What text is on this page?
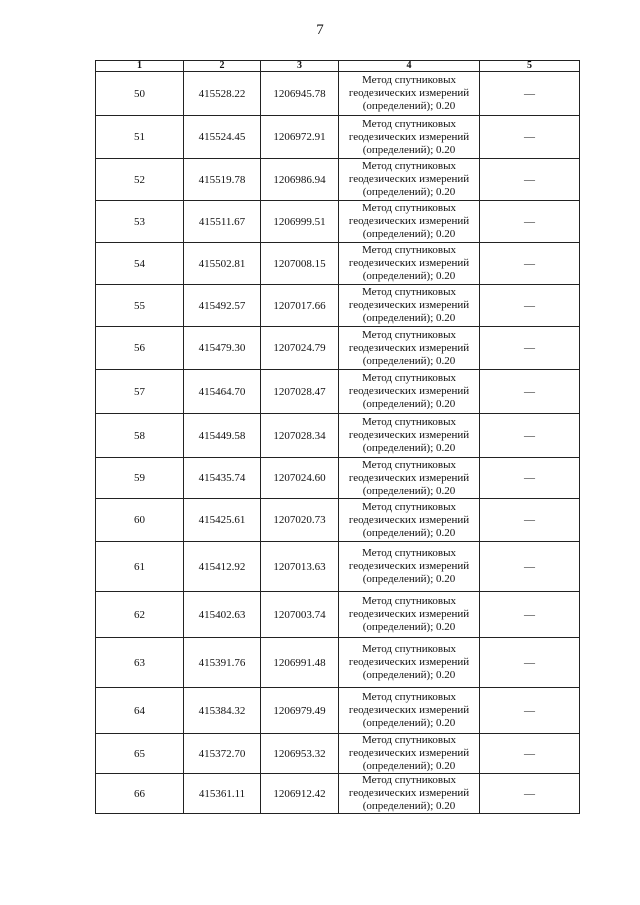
7
1	2	3	4	5
50	415528.22	1206945.78	Метод спутниковых
геодезических измерений
(определений); 0.20	—
51	415524.45	1206972.91	Метод спутниковых
геодезических измерений
(определений); 0.20	—
52	415519.78	1206986.94	Метод спутниковых
геодезических измерений
(определений); 0.20	—
53	415511.67	1206999.51	Метод спутниковых
геодезических измерений
(определений); 0.20	—
54	415502.81	1207008.15	Метод спутниковых
геодезических измерений
(определений); 0.20	—
55	415492.57	1207017.66	Метод спутниковых
геодезических измерений
(определений); 0.20	—
56	415479.30	1207024.79	Метод спутниковых
геодезических измерений
(определений); 0.20	—
57	415464.70	1207028.47	Метод спутниковых
геодезических измерений
(определений); 0.20	—
58	415449.58	1207028.34	Метод спутниковых
геодезических измерений
(определений); 0.20	—
59	415435.74	1207024.60	Метод спутниковых
геодезических измерений
(определений); 0.20	—
60	415425.61	1207020.73	Метод спутниковых
геодезических измерений
(определений); 0.20	—
61	415412.92	1207013.63	Метод спутниковых
геодезических измерений
(определений); 0.20	—
62	415402.63	1207003.74	Метод спутниковых
геодезических измерений
(определений); 0.20	—
63	415391.76	1206991.48	Метод спутниковых
геодезических измерений
(определений); 0.20	—
64	415384.32	1206979.49	Метод спутниковых
геодезических измерений
(определений); 0.20	—
65	415372.70	1206953.32	Метод спутниковых
геодезических измерений
(определений); 0.20	—
66	415361.11	1206912.42	Метод спутниковых
геодезических измерений
(определений); 0.20	—
